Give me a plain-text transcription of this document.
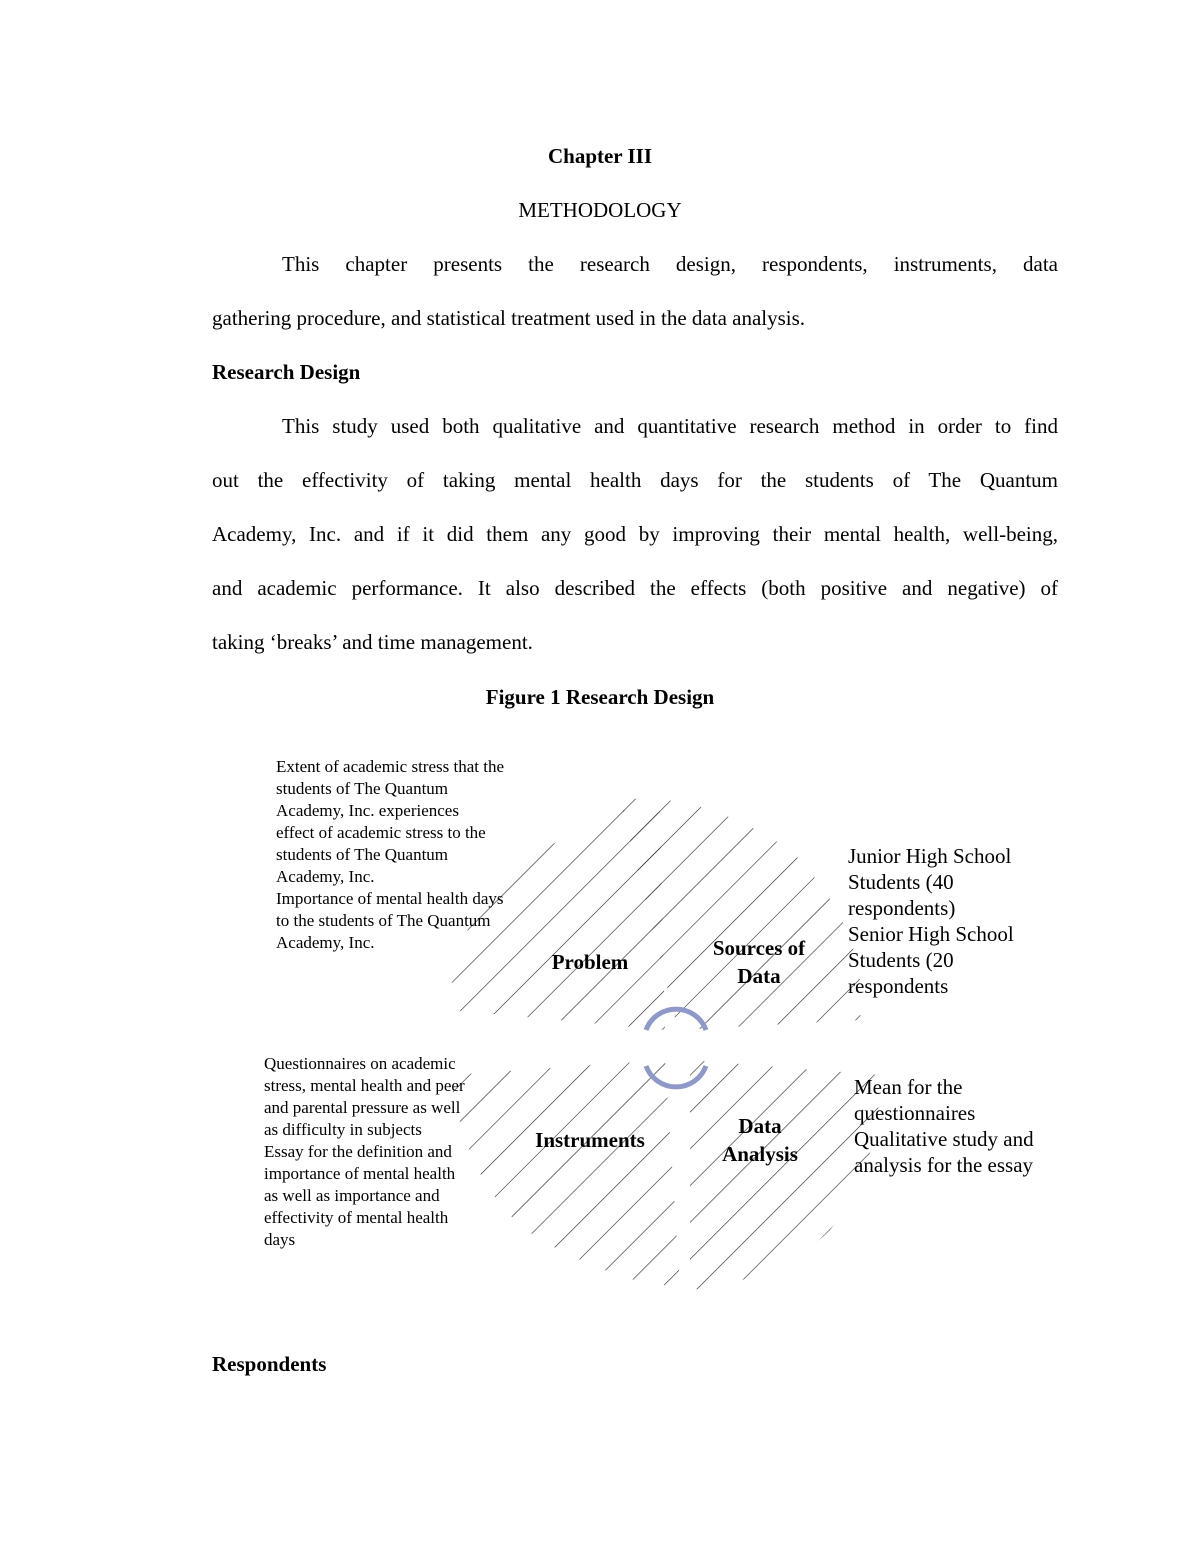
Chapter III
METHODOLOGY
This chapter presents the research design, respondents, instruments, data
gathering procedure, and statistical treatment used in the data analysis.
Research Design
This study used both qualitative and quantitative research method in order to find
out the effectivity of taking mental health days for the students of The Quantum
Academy, Inc. and if it did them any good by improving their mental health, well-being,
and academic performance. It also described the effects (both positive and negative) of
taking ‘breaks’ and time management.
Figure 1 Research Design
Problem
Sources of
Data
Instruments
Data
Analysis
Extent of academic stress that the
students of The Quantum
Academy, Inc. experiences
effect of academic stress to the
students of The Quantum
Academy, Inc.
Importance of mental health days
to the students of The Quantum
Academy, Inc.
Junior High School
Students (40
respondents)
Senior High School
Students (20
respondents
Questionnaires on academic
stress, mental health and peer
and parental pressure as well
as difficulty in subjects
Essay for the definition and
importance of mental health
as well as importance and
effectivity of mental health
days
Mean for the
questionnaires
Qualitative study and
analysis for the essay
Respondents
